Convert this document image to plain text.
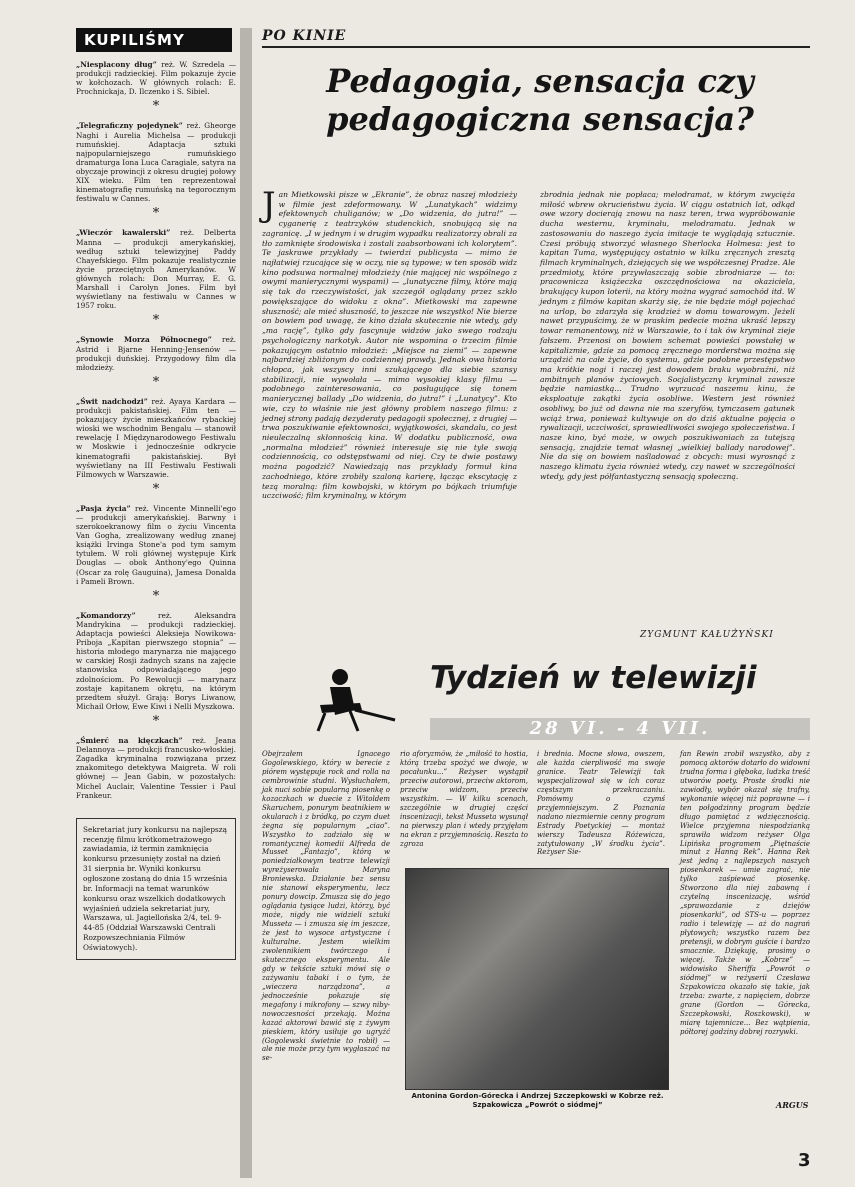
KUPILIŚMY
„Niesplacony dług” reż. W. Szredela — produkcji radzieckiej. Film pokazuje życie w kołchozach. W głównych rolach: E. Prochnickaja, D. Ilczenko i S. Sibiel.
*
„Telegraficzny pojedynek” reż. Gheorge Naghi i Aurelia Michelsa — produkcji rumuńskiej. Adaptacja sztuki najpopularniejszego rumuńskiego dramaturga Iona Luca Caragiale, satyra na obyczaje prowincji z okresu drugiej połowy XIX wieku. Film ten reprezentował kinematografię rumuńską na tegorocznym festiwalu w Cannes.
*
„Wieczór kawalerski” reż. Delberta Manna — produkcji amerykańskiej, według sztuki telewizyjnej Paddy Chayefskiego. Film pokazuje realistycznie życie przeciętnych Amerykanów. W głównych rolach: Don Murray, E. G. Marshall i Carolyn Jones. Film był wyświetlany na festiwalu w Cannes w 1957 roku.
*
„Synowie Morza Północnego” reż. Astrid i Bjarne Henning-Jensenów — produkcji duńskiej. Przygodowy film dla młodzieży.
*
„Świt nadchodzi” reż. Ayaya Kardara — produkcji pakistańskiej. Film ten — pokazujący życie mieszkańców rybackiej wioski we wschodnim Bengalu — stanowił rewelację I Międzynarodowego Festiwalu w Moskwie i jednocześnie odkrycie kinematografii pakistańskiej. Był wyświetlany na III Festiwalu Festiwali Filmowych w Warszawie.
*
„Pasja życia” reż. Vincente Minnelli'ego — produkcji amerykańskiej. Barwny i szerokoekranowy film o życiu Vincenta Van Gogha, zrealizowany według znanej książki Irvinga Stone'a pod tym samym tytułem. W roli głównej występuje Kirk Douglas — obok Anthony'ego Quinna (Oscar za rolę Gauguina), Jamesa Donalda i Pameli Brown.
*
„Komandorzy”	reż. Aleksandra Mandrykina — produkcji radzieckiej. Adaptacja powieści Aleksieja Nowikowa-Priboja „Kapitan pierwszego stopnia” — historia młodego marynarza nie mającego w carskiej Rosji żadnych szans na zajęcie stanowiska odpowiadającego jego zdolnościom. Po Rewolucji — marynarz zostaje kapitanem okrętu, na którym przedtem służył. Grają: Borys Liwanow, Michail Orłow, Ewe Kiwi i Nelli Myszkowa.
*
„Śmierć na kięczkach” reż. Jeana Delannoya — produkcji francusko-włoskiej. Zagadka kryminalna rozwiązana przez znakomitego detektywa Maigreta. W roli głównej — Jean Gabin, w pozostałych: Michel Auclair, Valentine Tessier i Paul Frankeur.
Sekretariat jury konkursu na najlepszą recenzję filmu krótkometrażowego zawiadamia, iż termin zamknięcia konkursu przesunięty został na dzień 31 sierpnia br. Wyniki konkursu ogłoszone zostaną do dnia 15 września br. Informacji na temat warunków konkursu oraz wszelkich dodatkowych wyjaśnień udziela sekretariat jury, Warszawa, ul. Jagiellońska 2/4, tel. 9-44-85 (Oddział Warszawski Centrali Rozpowszechniania Filmów Oświatowych).
PO KINIE
Pedagogia, sensacja czy pedagogiczna sensacja?
Jan Mietkowski pisze w „Ekranie”, że obraz naszej młodzieży w filmie jest zdeformowany. W „Lunatykach” widzimy efektownych chuliganów; w „Do widzenia, do jutra!” — cyganerię z teatrzyków studenckich, snobującą się na zagranicę. „I w jednym i w drugim wypadku realizatorzy obrali za tło zamknięte środowiska i zostali zaabsorbowani ich kolorytem”. Te jaskrawe przykłady — twierdzi publicysta — mimo że najłatwiej rzucające się w oczy, nie są typowe; w ten sposób widz kino podsuwa normalnej młodzieży (nie mającej nic wspólnego z owymi manierycznymi wyspami) — „lunatyczne filmy, które mają się tak do rzeczywistości, jak szczegół oglądany przez szkło powiększające do widoku z oknа”. Mietkowski ma zapewne słuszność; ale mieć słuszność, to jeszcze nie wszystko! Nie bierze on bowiem pod uwagę, że kino działa skutecznie nie wtedy, gdy „ma rację”, tylko gdy fascynuje widzów jako swego rodzaju psychologiczny narkotyk. Autor nie wspomina o trzecim filmie pokazującym ostatnio młodzież: „Miejsce na ziemi” — zapewne najbardziej zbliżonym do codziennej prawdy. Jednak owa historia chłopca, jak wszyscy inni szukającego dla siebie szansy stabilizacji, nie wywołała — mimo wysokiej klasy filmu — podobnego zainteresowania, co posługujące się tonem manierycznej ballady „Do widzenia, do jutra!” i „Lunatycy”. Kto wie, czy to właśnie nie jest główny problem naszego filmu: z jednej strony padają dezyderaty pedagogii społecznej, z drugiej — trwa poszukiwanie efektowności, wyjątkowości, skandalu, co jest nieuleczalną skłonnością kina. W dodatku publiczność, owa „normalna młodzież” również interesuje się nie tyle swoją codziennością, co odstępstwami od niej. Czy te dwie postawy można pogodzić? Nawiedzają nas przykłady formuł kina zachodniego, które zrobiły szaloną karierę, łącząc ekscytację z tezą moralną: film kowbojski, w którym po bójkach triumfuje uczciwość; film kryminalny, w którym
zbrodnia jednak nie popłaca; melodramat, w którym zwycięża miłość wbrew okrucieństwu życia. W ciągu ostatnich lat, odkąd owe wzory docierają znowu na nasz teren, trwa wypróbowanie ducha westernu, kryminału, melodramatu. Jednak w zastosowaniu do naszego życia imitacje te wyglądają sztucznie. Czesi próbują stworzyć własnego Sherlocka Holmesa: jest to kapitan Tuma, występujący ostatnio w kilku zręcznych zresztą filmach kryminalnych, dziejących się we współczesnej Pradze. Ale przedmioty, które przywłaszczają sobie zbrodniarze — to: pracownicza książeczka oszczędnościowa na okaziciela, brakujący kupon loterii, na który można wygrać samochód itd. W jednym z filmów kapitan skarży się, że nie będzie mógł pojechać na urlop, bo zdarzyła się kradzież w domu towarowym. Jeżeli nawet przypuścimy, że w praskim pedecie można ukraść lepszy towar remanentowy, niż w Warszawie, to i tak ów kryminał zieje fałszem. Przenosi on bowiem schemat powieści powstałej w kapitalizmie, gdzie za pomocą zręcznego morderstwa można się urządzić na całe życie, do systemu, gdzie podobne przestępstwo ma krótkie nogi i raczej jest dowodem braku wyobraźni, niż ambitnych planów życiowych. Socjalistyczny kryminał zawsze będzie namiastką... Trudno wyrzucać naszemu kinu, że eksploatuje zakątki życia osobliwe. Western jest również osobliwy, bo już od dawna nie ma szeryfów, tymczasem gatunek wciąż trwa, ponieważ kultywuje on do dziś aktualne pojęcia o rywalizacji, uczciwości, sprawiedliwości swojego społeczeństwa. I nasze kino, być może, w owych poszukiwaniach za tutejszą sensacją, znajdzie temat własnej „wielkiej ballady narodowej”. Nie da się on bowiem naśladować z obcych: musi wyrosnąć z naszego klimatu życia również wtedy, czy nawet w szczególności wtedy, gdy jest półfantastyczną sensacją społeczną.
ZYGMUNT KAŁUŻYŃSKI
Tydzień w telewizji
28 VI. - 4 VII.
Obejrzałem Ignacego Gogolewskiego, który w berecie z piórem występuje rock and rolla na cembrowinie studni. Wysłuchałem, jak nuci sobie popularną piosenkę o kozaczkach w duecie z Witoldem Skaruchem, ponurym beatnikiem w okularach i z bródką, po czym duet żegna się popularnym „ciao”. Wszystko to zadziało się w romantycznej komedii Alfreda de Musset „Fantazjo”, którą w poniedziałkowym teatrze telewizji wyreżyserowała Maryna Broniewska. Działanie bez sensu nie stanowi eksperymentu, lecz ponury dowcip. Zmusza się do jego oglądania tysiące ludzi, którzy, być może, nigdy nie widzieli sztuki Musseta — i zmusza się im jeszcze, że jest to wysoce artystyczne i kulturalne. Jestem wielkim zwolennikiem twórczego i skutecznego eksperymentu. Ale gdy w tekście sztuki mówi się o zażywaniu tabaki i o tym, że „wieczera narządzona”, a jednocześnie pokazuje się megafony i mikrofony — szwy niby-nowoczesności przekają. Można kazać aktorowi bawić się z żywym pieskiem, który usiłuje go ugryźć (Gogolewski świetnie to robił) — ale nie może przy tym wygłaszać na se-
rio aforyzmów, że „miłość to hostia, którą trzeba spożyć we dwoje, w pocałunku...” Reżyser wystąpił przeciw autorowi, przeciw aktorom, przeciw widzom, przeciw wszystkim. — W kilku scenach, szczególnie w drugiej części inscenizacji, tekst Musseta wysunął na pierwszy plan i wtedy przyjęłam na ekran z przyjemnością. Reszta to zgroza
i brednia. Mocne słowa, owszem, ale każda cierpliwość ma swoje granice. Teatr Telewizji tak wyspecjalizował się w ich coraz częstszym przekraczaniu. Pomówmy o czymś przyjemniejszym. Z Poznania nadano niezmiernie cenny program Estrady Poetyckiej — montaż wierszy Tadeusza Różewicza, zatytułowany „W środku życia”. Reżyser Sie-
fan Rewin zrobił wszystko, aby z pomocą aktorów dotarło do widowni trudna forma i głęboka, ludzka treść utworów poety. Proste środki nie zawiodły, wybór okazał się trafny, wykonanie więcej niż poprawne — i ten połgodzinny program będzie długo pamiętać z wdzięcznością. Wielce przyjemna niespodzianką sprawiła widzom reżyser Olga Lipińska programem „Piętnaście minut z Hanną Rek”. Hanna Rek jest jedną z najlepszych naszych piosenkarek — umie zagrać, nie tylko zaśpiewać piosenkę. Stworzono dla niej zabawną i czytelną inscenizację, wśród „sprawozdanie z dziejów piosenkarki”, od STS-u — poprzez radio i telewizję — aż do nagrań płytowych; wszystko razem bez pretensji, w dobrym guście i bardzo smacznie. Dziękuję, prosimy o więcej. Także w „Kobrze” — widowisko Sheriffa „Powrót o siódmej” w reżyserii Czesława Szpakowicza okazało się takie, jak trzeba: zwarte, z napięciem, dobrze grane (Gordon — Górecka, Szczepkowski, Roszkowski), w miarę tajemnicze... Bez wątpienia, półtorej godziny dobrej rozrywki.
Antonina Gordon-Górecka i Andrzej Szczepkowski w Kobrze reż. Szpakowicza „Powrót o siódmej”	ARGUS
3
